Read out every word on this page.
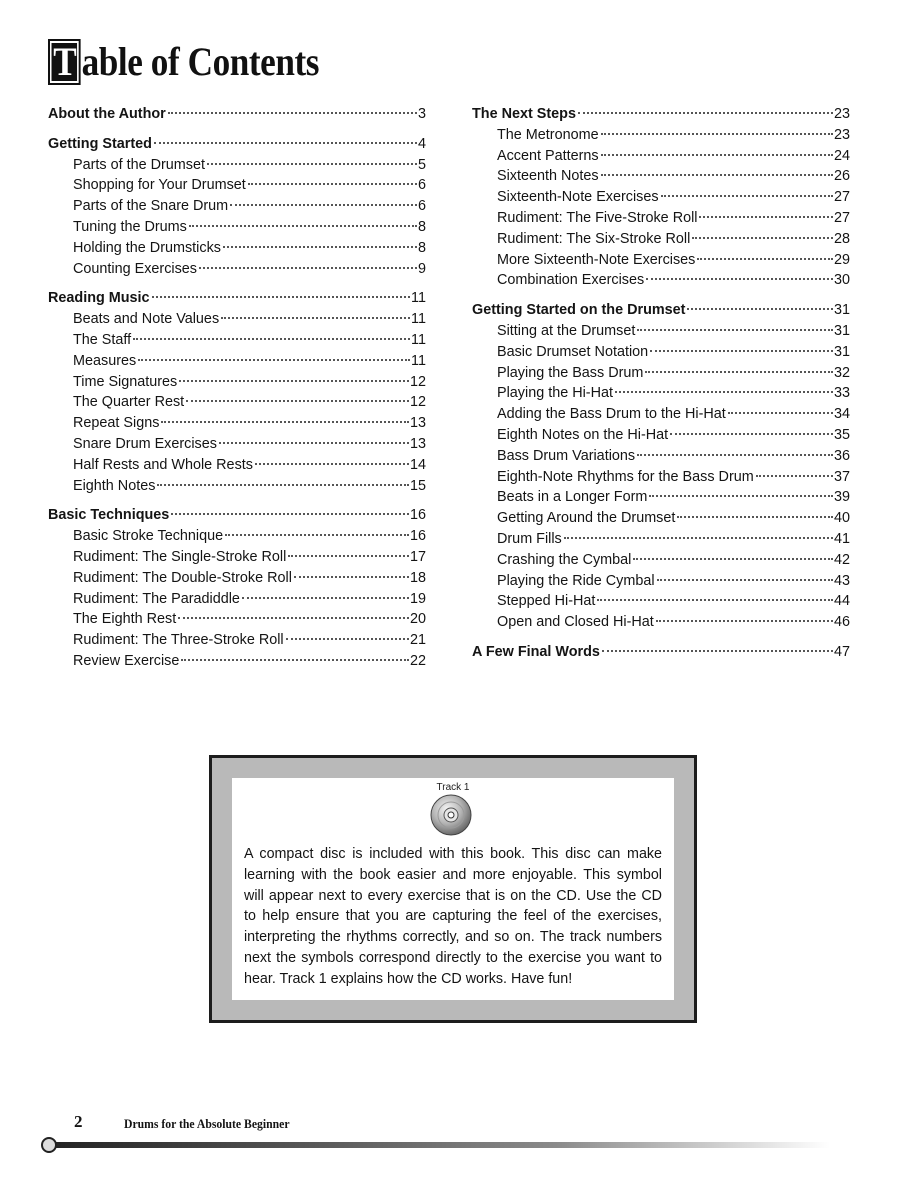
T able of Contents
About the Author	3
Getting Started	4
Parts of the Drumset	5
Shopping for Your Drumset	6
Parts of the Snare Drum	6
Tuning the Drums	8
Holding the Drumsticks	8
Counting Exercises	9
Reading Music	11
Beats and Note Values	11
The Staff	11
Measures	11
Time Signatures	12
The Quarter Rest	12
Repeat Signs	13
Snare Drum Exercises	13
Half Rests and Whole Rests	14
Eighth Notes	15
Basic Techniques	16
Basic Stroke Technique	16
Rudiment: The Single-Stroke Roll	17
Rudiment: The Double-Stroke Roll	18
Rudiment: The Paradiddle	19
The Eighth Rest	20
Rudiment: The Three-Stroke Roll	21
Review Exercise	22
The Next Steps	23
The Metronome	23
Accent Patterns	24
Sixteenth Notes	26
Sixteenth-Note Exercises	27
Rudiment: The Five-Stroke Roll	27
Rudiment: The Six-Stroke Roll	28
More Sixteenth-Note Exercises	29
Combination Exercises	30
Getting Started on the Drumset	31
Sitting at the Drumset	31
Basic Drumset Notation	31
Playing the Bass Drum	32
Playing the Hi-Hat	33
Adding the Bass Drum to the Hi-Hat	34
Eighth Notes on the Hi-Hat	35
Bass Drum Variations	36
Eighth-Note Rhythms for the Bass Drum	37
Beats in a Longer Form	39
Getting Around the Drumset	40
Drum Fills	41
Crashing the Cymbal	42
Playing the Ride Cymbal	43
Stepped Hi-Hat	44
Open and Closed Hi-Hat	46
A Few Final Words	47
Track 1

A compact disc is included with this book. This disc can make learning with the book easier and more enjoyable. This symbol will appear next to every exercise that is on the CD. Use the CD to help ensure that you are capturing the feel of the exercises, interpreting the rhythms correctly, and so on. The track numbers next the symbols correspond directly to the exercise you want to hear. Track 1 explains how the CD works. Have fun!

2	Drums for the Absolute Beginner
